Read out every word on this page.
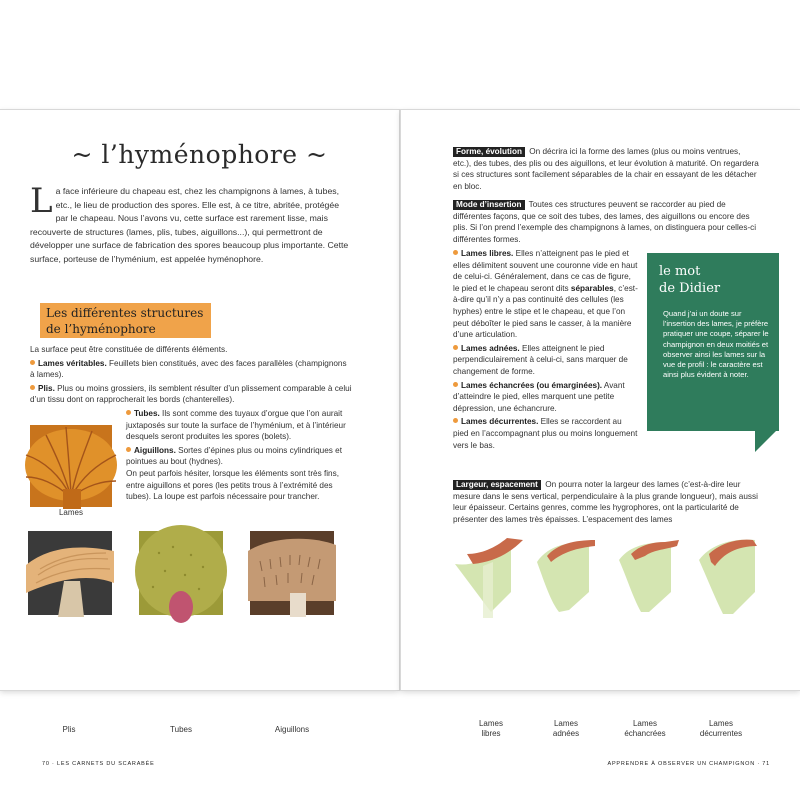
~ l’hyménophore ~
La face inférieure du chapeau est, chez les champignons à lames, à tubes, etc., le lieu de production des spores. Elle est, à ce titre, abritée, protégée par le chapeau. Nous l’avons vu, cette surface est rarement lisse, mais recouverte de structures (lames, plis, tubes, aiguillons...), qui permettront de développer une surface de fabrication des spores beaucoup plus importante. Cette surface, porteuse de l’hyménium, est appelée hyménophore.
Les différentes structures
de l’hyménophore
La surface peut être constituée de différents éléments.
Lames véritables. Feuillets bien constitués, avec des faces parallèles (champignons à lames).
Plis. Plus ou moins grossiers, ils semblent résulter d’un plissement comparable à celui d’un tissu dont on rapprocherait les bords (chanterelles).
Tubes. Ils sont comme des tuyaux d’orgue que l’on aurait juxtaposés sur toute la surface de l’hyménium, et à l’intérieur desquels seront produites les spores (bolets).
Aiguillons. Sortes d’épines plus ou moins cylindriques et pointues au bout (hydnes).
On peut parfois hésiter, lorsque les éléments sont très fins, entre aiguillons et pores (les petits trous à l’extrémité des tubes). La loupe est parfois nécessaire pour trancher.
Lames
Plis	Tubes	Aiguillons
70 · LES CARNETS DU SCARABÉE
Forme, évolution On décrira ici la forme des lames (plus ou moins ventrues, etc.), des tubes, des plis ou des aiguillons, et leur évolution à maturité. On regardera si ces structures sont facilement séparables de la chair en essayant de les détacher en bloc.
Mode d’insertion Toutes ces structures peuvent se raccorder au pied de différentes façons, que ce soit des tubes, des lames, des aiguillons ou encore des plis. Si l’on prend l’exemple des champignons à lames, on distinguera pour celles-ci différentes formes.
Lames libres. Elles n’atteignent pas le pied et elles délimitent souvent une couronne vide en haut de celui-ci. Généralement, dans ce cas de figure, le pied et le chapeau seront dits séparables, c’est-à-dire qu’il n’y a pas continuité des cellules (les hyphes) entre le stipe et le chapeau, et que l’on peut déboîter le pied sans le casser, à la manière d’une articulation.
Lames adnées. Elles atteignent le pied perpendiculairement à celui-ci, sans marquer de changement de forme.
Lames échancrées (ou émarginées). Avant d’atteindre le pied, elles marquent une petite dépression, une échancrure.
Lames décurrentes. Elles se raccordent au pied en l’accompagnant plus ou moins longuement vers le bas.
le mot
de Didier
Quand j’ai un doute sur l’insertion des lames, je préfère pratiquer une coupe, séparer le champignon en deux moitiés et observer ainsi les lames sur la vue de profil : le caractère est ainsi plus évident à noter.
Largeur, espacement On pourra noter la largeur des lames (c’est-à-dire leur mesure dans le sens vertical, perpendiculaire à la plus grande longueur), mais aussi leur épaisseur. Certains genres, comme les hygrophores, ont la particularité de présenter des lames très épaisses. L’espacement des lames
Lames
libres
Lames
adnées
Lames
échancrées
Lames
décurrentes
APPRENDRE À OBSERVER UN CHAMPIGNON · 71
